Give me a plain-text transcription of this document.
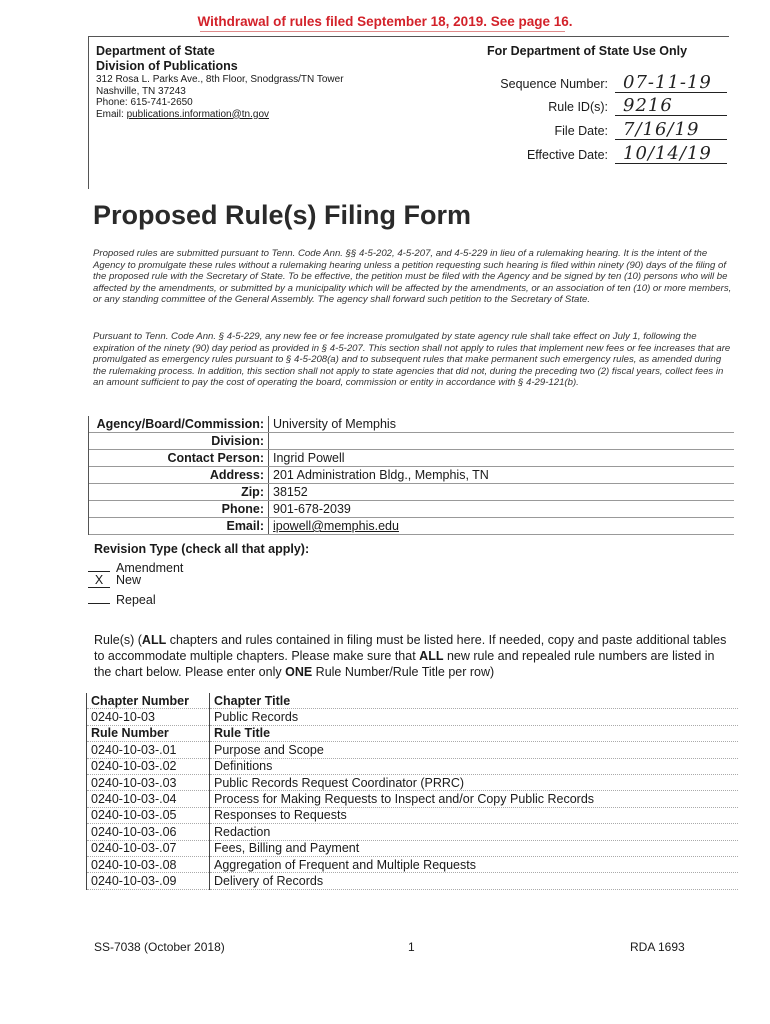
Withdrawal of rules filed September 18, 2019. See page 16.
Department of State
Division of Publications
312 Rosa L. Parks Ave., 8th Floor, Snodgrass/TN Tower
Nashville, TN 37243
Phone: 615-741-2650
Email: publications.information@tn.gov
For Department of State Use Only
Sequence Number: 07-11-19
Rule ID(s): 9216
File Date: 7/16/19
Effective Date: 10/14/19
Proposed Rule(s) Filing Form
Proposed rules are submitted pursuant to Tenn. Code Ann. §§ 4-5-202, 4-5-207, and 4-5-229 in lieu of a rulemaking hearing. It is the intent of the Agency to promulgate these rules without a rulemaking hearing unless a petition requesting such hearing is filed within ninety (90) days of the filing of the proposed rule with the Secretary of State. To be effective, the petition must be filed with the Agency and be signed by ten (10) persons who will be affected by the amendments, or submitted by a municipality which will be affected by the amendments, or an association of ten (10) or more members, or any standing committee of the General Assembly. The agency shall forward such petition to the Secretary of State.
Pursuant to Tenn. Code Ann. § 4-5-229, any new fee or fee increase promulgated by state agency rule shall take effect on July 1, following the expiration of the ninety (90) day period as provided in § 4-5-207. This section shall not apply to rules that implement new fees or fee increases that are promulgated as emergency rules pursuant to § 4-5-208(a) and to subsequent rules that make permanent such emergency rules, as amended during the rulemaking process. In addition, this section shall not apply to state agencies that did not, during the preceding two (2) fiscal years, collect fees in an amount sufficient to pay the cost of operating the board, commission or entity in accordance with § 4-29-121(b).
Agency/Board/Commission:	University of Memphis
Division:	
Contact Person:	Ingrid Powell
Address:	201 Administration Bldg., Memphis, TN
Zip:	38152
Phone:	901-678-2039
Email:	ipowell@memphis.edu
Revision Type (check all that apply):
Amendment
X New
Repeal
Rule(s) (ALL chapters and rules contained in filing must be listed here. If needed, copy and paste additional tables to accommodate multiple chapters. Please make sure that ALL new rule and repealed rule numbers are listed in the chart below. Please enter only ONE Rule Number/Rule Title per row)
Chapter Number	Chapter Title
0240-10-03	Public Records
Rule Number	Rule Title
0240-10-03-.01	Purpose and Scope
0240-10-03-.02	Definitions
0240-10-03-.03	Public Records Request Coordinator (PRRC)
0240-10-03-.04	Process for Making Requests to Inspect and/or Copy Public Records
0240-10-03-.05	Responses to Requests
0240-10-03-.06	Redaction
0240-10-03-.07	Fees, Billing and Payment
0240-10-03-.08	Aggregation of Frequent and Multiple Requests
0240-10-03-.09	Delivery of Records
SS-7038 (October 2018)	1	RDA 1693
